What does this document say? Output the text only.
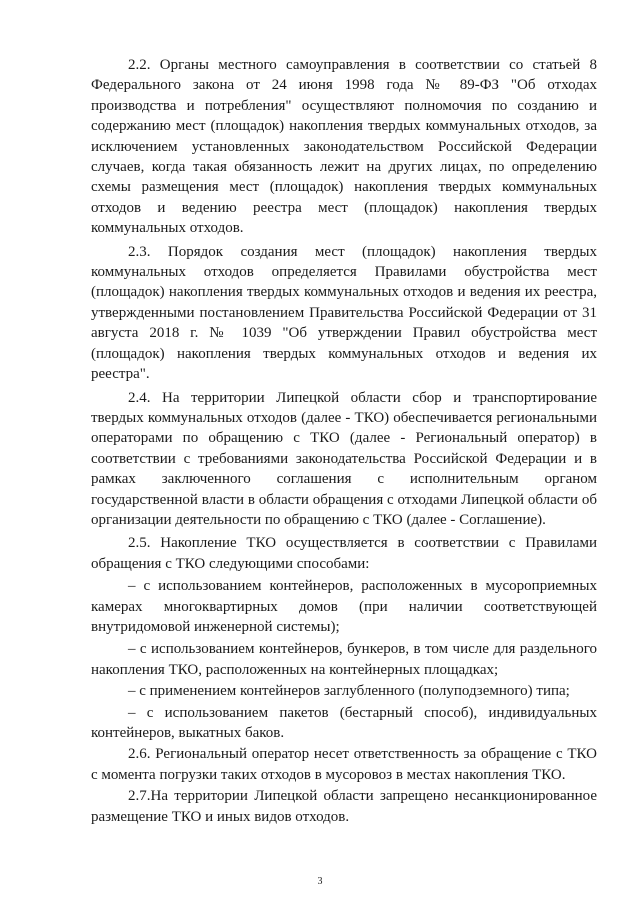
2.2. Органы местного самоуправления в соответствии со статьей 8 Федерального закона от 24 июня 1998 года № 89-ФЗ "Об отходах производства и потребления" осуществляют полномочия по созданию и содержанию мест (площадок) накопления твердых коммунальных отходов, за исключением установленных законодательством Российской Федерации случаев, когда такая обязанность лежит на других лицах, по определению схемы размещения мест (площадок) накопления твердых коммунальных отходов и ведению реестра мест (площадок) накопления твердых коммунальных отходов.

2.3. Порядок создания мест (площадок) накопления твердых коммунальных отходов определяется Правилами обустройства мест (площадок) накопления твердых коммунальных отходов и ведения их реестра, утвержденными постановлением Правительства Российской Федерации от 31 августа 2018 г. № 1039 "Об утверждении Правил обустройства мест (площадок) накопления твердых коммунальных отходов и ведения их реестра".

2.4. На территории Липецкой области сбор и транспортирование твердых коммунальных отходов (далее - ТКО) обеспечивается региональными операторами по обращению с ТКО (далее - Региональный оператор) в соответствии с требованиями законодательства Российской Федерации и в рамках заключенного соглашения с исполнительным органом государственной власти в области обращения с отходами Липецкой области об организации деятельности по обращению с ТКО (далее - Соглашение).

2.5. Накопление ТКО осуществляется в соответствии с Правилами обращения с ТКО следующими способами:

– с использованием контейнеров, расположенных в мусороприемных камерах многоквартирных домов (при наличии соответствующей внутридомовой инженерной системы);

– с использованием контейнеров, бункеров, в том числе для раздельного накопления ТКО, расположенных на контейнерных площадках;

– с применением контейнеров заглубленного (полуподземного) типа;

– с использованием пакетов (бестарный способ), индивидуальных контейнеров, выкатных баков.

2.6. Региональный оператор несет ответственность за обращение с ТКО с момента погрузки таких отходов в мусоровоз в местах накопления ТКО.

2.7.На территории Липецкой области запрещено несанкционированное размещение ТКО и иных видов отходов.

3
